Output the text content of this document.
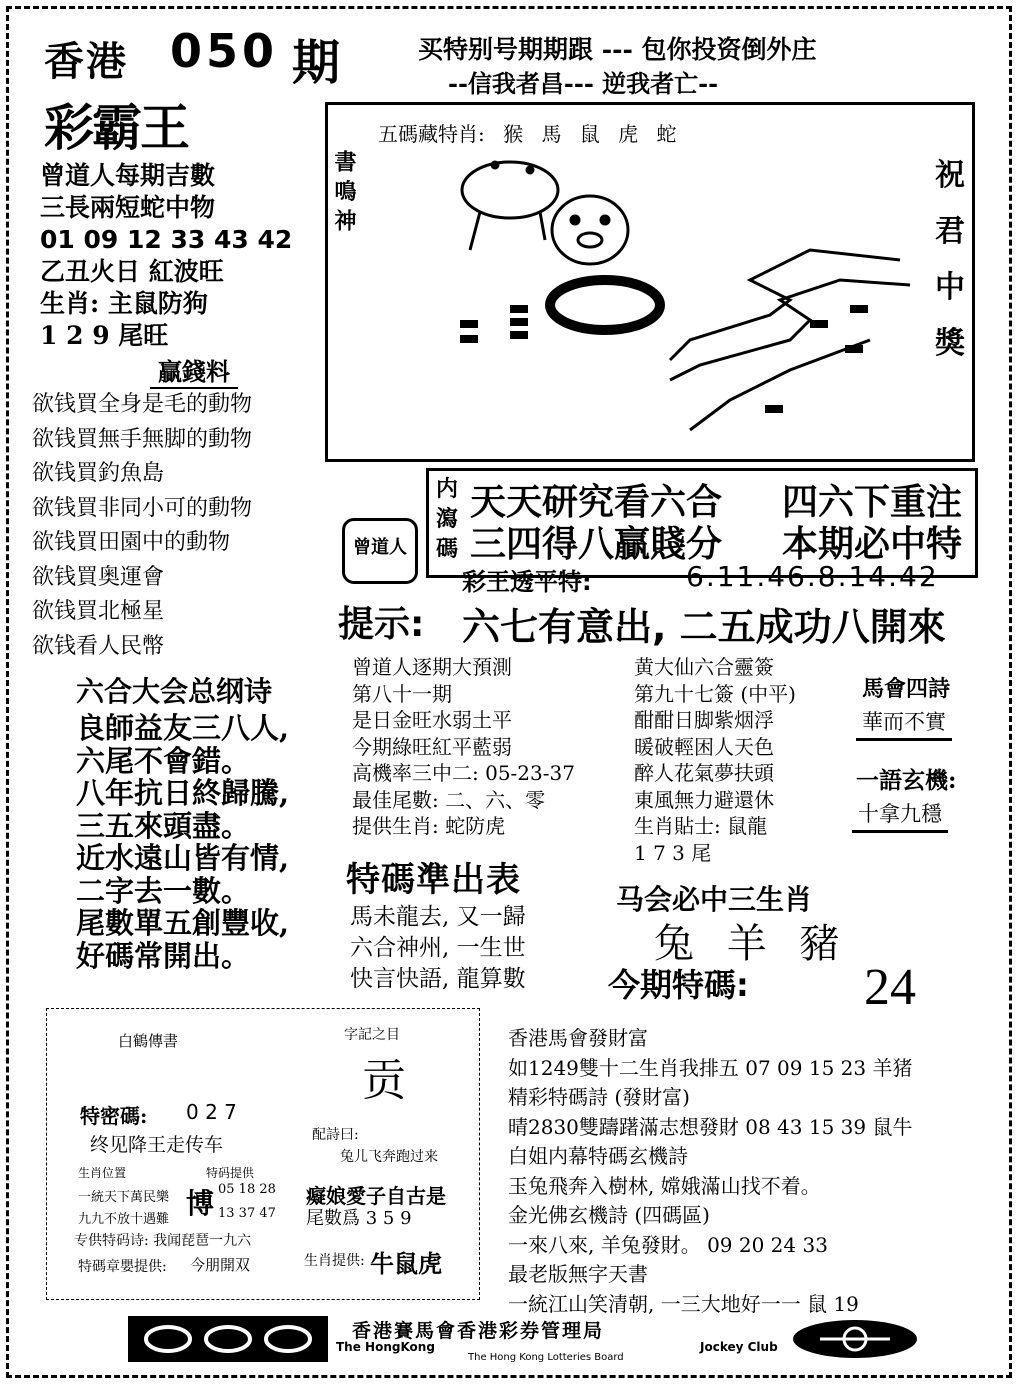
香港 050 期
彩霸王
买特别号期期跟 --- 包你投资倒外庄
--信我者昌--- 逆我者亡--
曾道人每期吉數
三長兩短蛇中物
01 09 12 33 43 42
乙丑火日 紅波旺
生肖: 主鼠防狗
1 2 9 尾旺
贏錢料
欲钱買全身是毛的動物
欲钱買無手無脚的動物
欲钱買釣魚島
欲钱買非同小可的動物
欲钱買田園中的動物
欲钱買奥運會
欲钱買北極星
欲钱看人民幣
五碼藏特肖: 猴 馬 鼠 虎 蛇
書 鳴 神	祝
君
中
獎
曾道人
内
瀉
碼
天天研究看六合 四六下重注
三四得八贏賤分 本期必中特
彩王透平特:	6.11.46.8.14.42
提示: 六七有意出, 二五成功八開來
六合大会总纲诗
良師益友三八人,
六尾不會錯。
八年抗日終歸騰,
三五來頭盡。
近水遠山皆有情,
二字去一數。
尾數單五創豐收,
好碼常開出。
曾道人逐期大預測
第八十一期
是日金旺水弱土平
今期綠旺紅平藍弱
高機率三中二: 05-23-37
最佳尾數: 二、六、零
提供生肖: 蛇防虎
黄大仙六合靈簽
第九十七簽 (中平)
酣酣日脚紫烟浮
暖破輕困人天色
醉人花氣夢扶頭
東風無力避還休
生肖貼士: 鼠龍
1 7 3 尾
馬會四詩
華而不實
一語玄機:
十拿九穩
特碼準出表
馬未龍去, 又一歸
六合神州, 一生世
快言快語, 龍算數
马会必中三生肖
兔 羊 豬
今期特碼: 24
白鶴傳書	字記之目
贡
特密碼: 0 2 7
终见降王走传车
生肖位置
一統天下萬民樂
九九不放十遇難
特码提供
博 05 18 28
13 37 47
专供特码诗: 我闻琵琶一九六
配詩曰:
兔儿飞奔跑过来
癡娘愛子自古是
尾數爲 3 5 9
特碼章嬰提供: 今朋開双	生肖提供: 牛鼠虎
香港馬會發財富
如1249雙十二生肖我排五 07 09 15 23 羊猪
精彩特碼詩 (發財富)
晴2830雙躊躇滿志想發財 08 43 15 39 鼠牛
白姐内幕特碼玄機詩
玉兔飛奔入樹林, 嫦娥滿山找不着。
金光佛玄機詩 (四碼區)
一來八來, 羊兔發財。 09 20 24 33
最老版無字天書
一統江山笑清朝, 一三大地好一一 鼠 19
香港賽馬會香港彩券管理局
The HongKong	Jockey Club
The Hong Kong Lotteries Board
